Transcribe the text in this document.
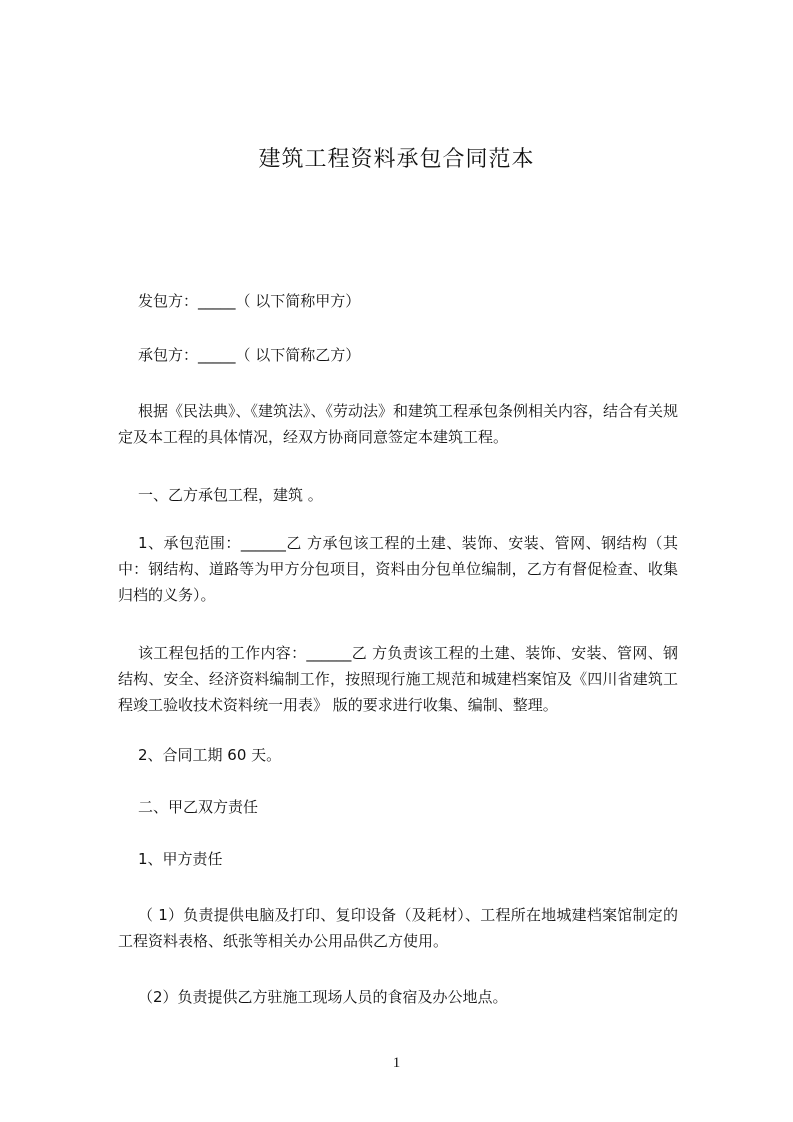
建筑工程资料承包合同范本

发包方：_____（ 以下简称甲方）

承包方：_____（ 以下简称乙方）

根据《民法典》、《建筑法》、《劳动法》和建筑工程承包条例相关内容，结合有关规定及本工程的具体情况，经双方协商同意签定本建筑工程。

一、乙方承包工程，建筑 。

1、承包范围：______乙 方承包该工程的土建、装饰、安装、管网、钢结构（其中：钢结构、道路等为甲方分包项目，资料由分包单位编制，乙方有督促检查、收集归档的义务）。

该工程包括的工作内容：______乙 方负责该工程的土建、装饰、安装、管网、钢结构、安全、经济资料编制工作，按照现行施工规范和城建档案馆及《四川省建筑工程竣工验收技术资料统一用表》 版的要求进行收集、编制、整理。

2、合同工期 60 天。

二、甲乙双方责任

1、甲方责任

（ 1）负责提供电脑及打印、复印设备（及耗材）、工程所在地城建档案馆制定的工程资料表格、纸张等相关办公用品供乙方使用。

（2）负责提供乙方驻施工现场人员的食宿及办公地点。

1
